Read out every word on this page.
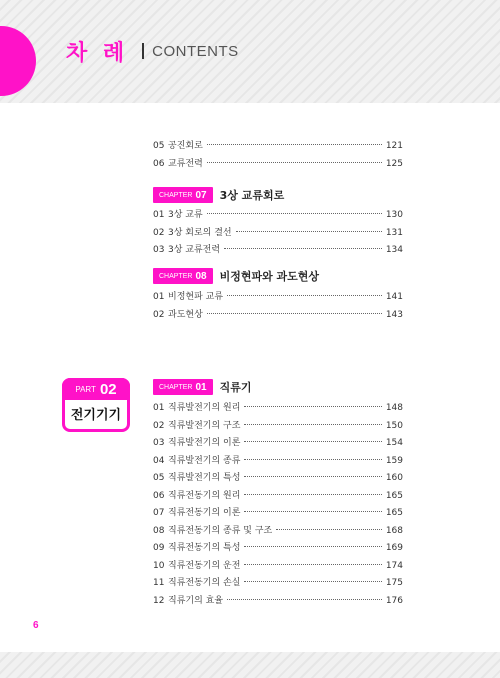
차 례 CONTENTS
05 공진회로	121
06 교류전력	125
CHAPTER 07 3상 교류회로
01 3상 교류	130
02 3상 회로의 결선	131
03 3상 교류전력	134
CHAPTER 08 비정현파와 과도현상
01 비정현파 교류	141
02 과도현상	143
PART 02
전기기기
CHAPTER 01 직류기
01 직류발전기의 원리	148
02 직류발전기의 구조	150
03 직류발전기의 이론	154
04 직류발전기의 종류	159
05 직류발전기의 특성	160
06 직류전동기의 원리	165
07 직류전동기의 이론	165
08 직류전동기의 종류 및 구조	168
09 직류전동기의 특성	169
10 직류전동기의 운전	174
11 직류전동기의 손실	175
12 직류기의 효율	176
6
